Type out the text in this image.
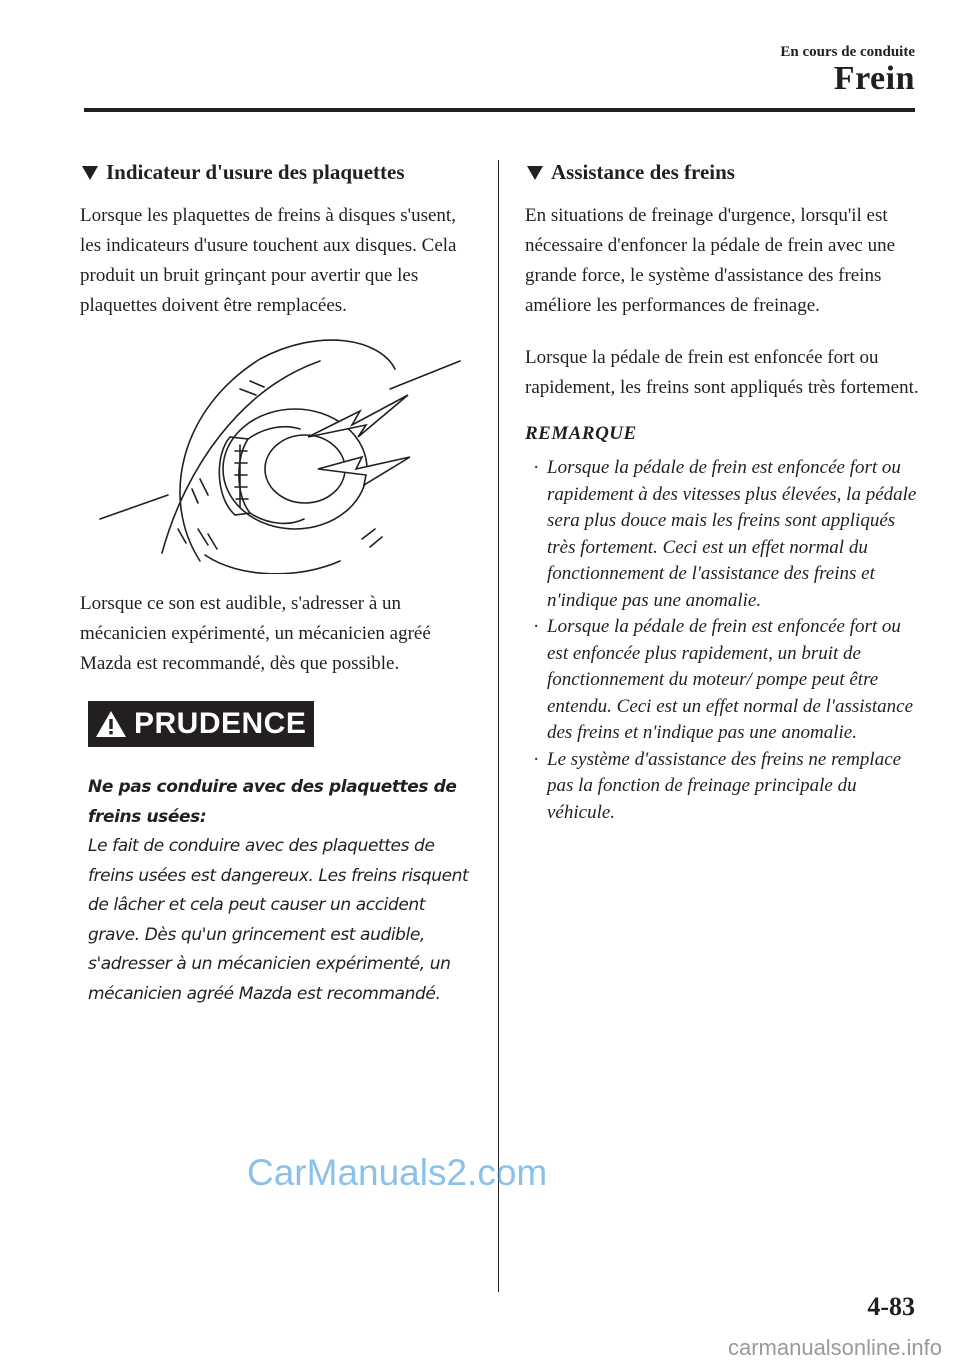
En cours de conduite
Frein
Indicateur d'usure des plaquettes

Lorsque les plaquettes de freins à disques s'usent, les indicateurs d'usure touchent aux disques. Cela produit un bruit grinçant pour avertir que les plaquettes doivent être remplacées.

Lorsque ce son est audible, s'adresser à un mécanicien expérimenté, un mécanicien agréé Mazda est recommandé, dès que possible.

PRUDENCE

Ne pas conduire avec des plaquettes de freins usées:
Le fait de conduire avec des plaquettes de freins usées est dangereux. Les freins risquent de lâcher et cela peut causer un accident grave. Dès qu'un grincement est audible, s'adresser à un mécanicien expérimenté, un mécanicien agréé Mazda est recommandé.

Assistance des freins

En situations de freinage d'urgence, lorsqu'il est nécessaire d'enfoncer la pédale de frein avec une grande force, le système d'assistance des freins améliore les performances de freinage.

Lorsque la pédale de frein est enfoncée fort ou rapidement, les freins sont appliqués très fortement.

REMARQUE
· Lorsque la pédale de frein est enfoncée fort ou rapidement à des vitesses plus élevées, la pédale sera plus douce mais les freins sont appliqués très fortement. Ceci est un effet normal du fonctionnement de l'assistance des freins et n'indique pas une anomalie.
· Lorsque la pédale de frein est enfoncée fort ou est enfoncée plus rapidement, un bruit de fonctionnement du moteur/ pompe peut être entendu. Ceci est un effet normal de l'assistance des freins et n'indique pas une anomalie.
· Le système d'assistance des freins ne remplace pas la fonction de freinage principale du véhicule.
CarManuals2.com
4-83
carmanualsonline.info
